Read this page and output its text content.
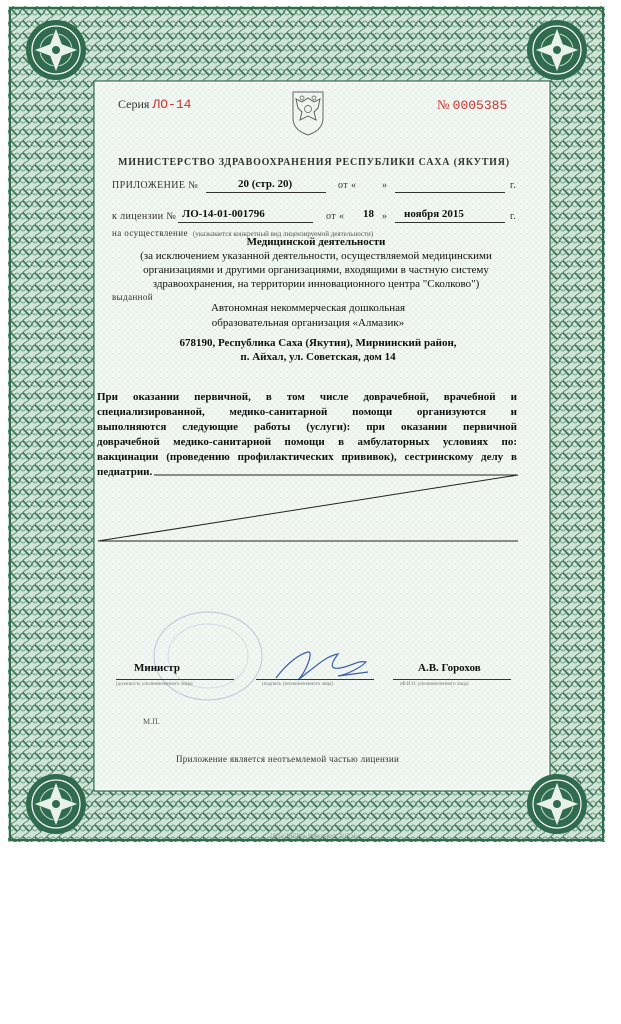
Серия ЛО-14	№ 0005385
МИНИСТЕРСТВО ЗДРАВООХРАНЕНИЯ РЕСПУБЛИКИ САХА (ЯКУТИЯ)
ПРИЛОЖЕНИЕ №	20 (стр. 20)	от «	»	г.
к лицензии № ЛО-14-01-001796	от « 18 » ноября 2015	г.
на осуществление (указывается конкретный вид лицензируемой деятельности)
Медицинской деятельности
(за исключением указанной деятельности, осуществляемой медицинскими
организациями и другими организациями, входящими в частную систему
здравоохранения, на территории инновационного центра "Сколково")
выданной
Автономная некоммерческая дошкольная
образовательная организация «Алмазик»
678190, Республика Саха (Якутия), Мирнинский район,
п. Айхал, ул. Советская, дом 14
При оказании первичной, в том числе доврачебной, врачебной и
специализированной, медико-санитарной помощи организуются и
выполняются следующие работы (услуги): при оказании первичной
доврачебной медико-санитарной помощи в амбулаторных условиях по:
вакцинации (проведению профилактических прививок), сестринскому делу в
педиатрии.
Министр
(должность уполномоченного лица)	(подпись уполномоченного лица)
А.В. Горохов
(Ф.И.О. уполномоченного лица)
М.П.
Приложение является неотъемлемой частью лицензии
ЗАО «СИБПРО», Новосибирск, 2015, «Б»
